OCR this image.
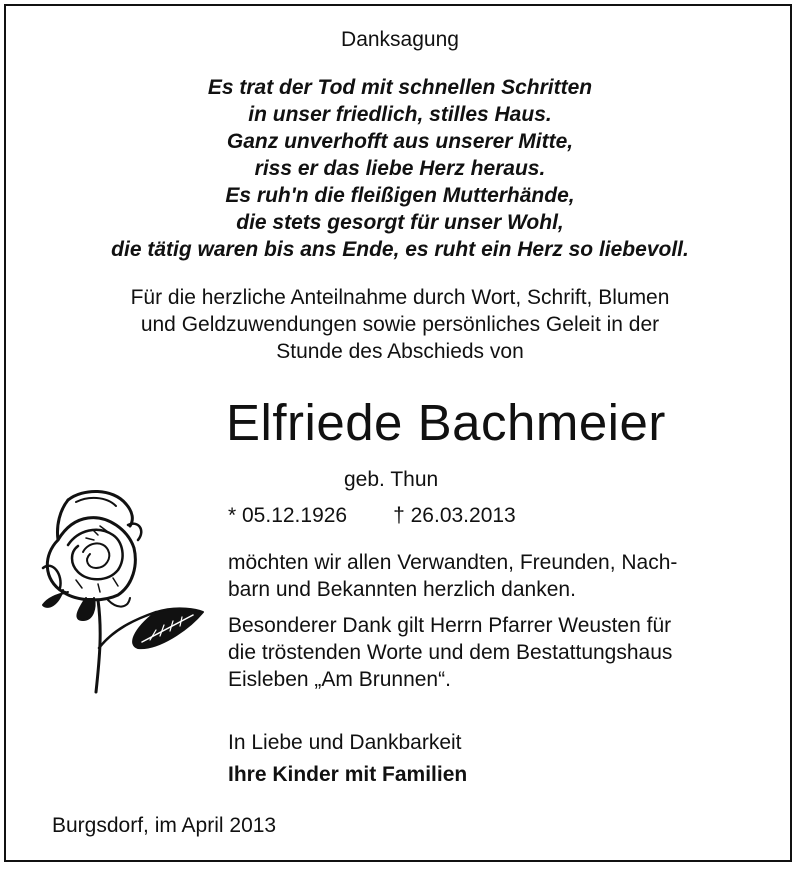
Danksagung
Es trat der Tod mit schnellen Schritten
in unser friedlich, stilles Haus.
Ganz unverhofft aus unserer Mitte,
riss er das liebe Herz heraus.
Es ruh'n die fleißigen Mutterhände,
die stets gesorgt für unser Wohl,
die tätig waren bis ans Ende, es ruht ein Herz so liebevoll.
Für die herzliche Anteilnahme durch Wort, Schrift, Blumen
und Geldzuwendungen sowie persönliches Geleit in der
Stunde des Abschieds von
Elfriede Bachmeier
geb. Thun
* 05.12.1926 † 26.03.2013
möchten wir allen Verwandten, Freunden, Nach-
barn und Bekannten herzlich danken.
Besonderer Dank gilt Herrn Pfarrer Weusten für
die tröstenden Worte und dem Bestattungshaus
Eisleben „Am Brunnen“.
In Liebe und Dankbarkeit
Ihre Kinder mit Familien
Burgsdorf, im April 2013
